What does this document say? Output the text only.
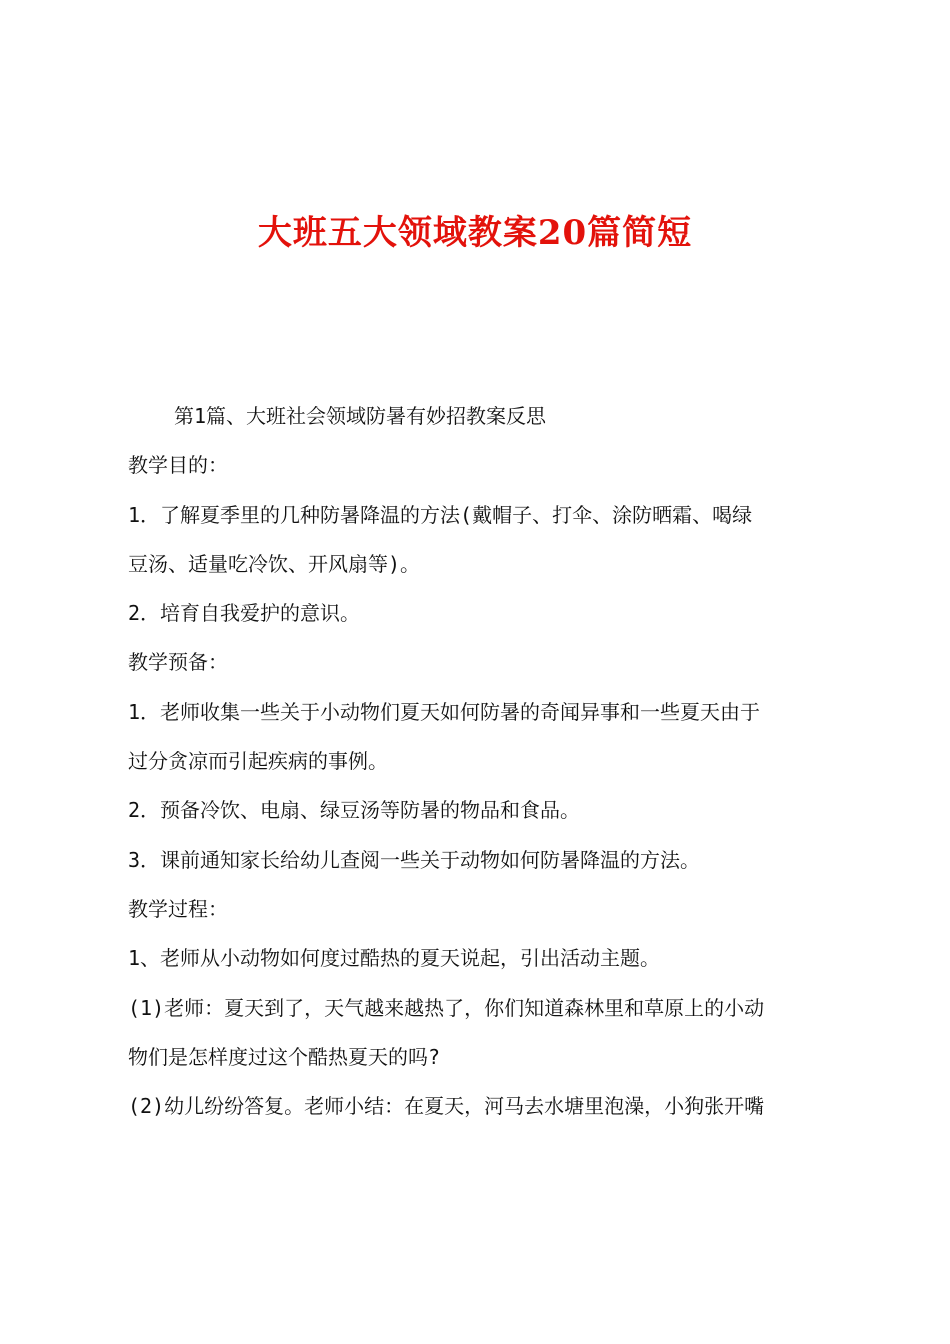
大班五大领域教案20篇简短
第1篇、大班社会领域防暑有妙招教案反思
教学目的：
1．了解夏季里的几种防暑降温的方法(戴帽子、打伞、涂防晒霜、喝绿
豆汤、适量吃冷饮、开风扇等)。
2．培育自我爱护的意识。
教学预备：
1．老师收集一些关于小动物们夏天如何防暑的奇闻异事和一些夏天由于
过分贪凉而引起疾病的事例。
2．预备冷饮、电扇、绿豆汤等防暑的物品和食品。
3．课前通知家长给幼儿查阅一些关于动物如何防暑降温的方法。
教学过程：
1、老师从小动物如何度过酷热的夏天说起，引出活动主题。
(1)老师：夏天到了，天气越来越热了，你们知道森林里和草原上的小动
物们是怎样度过这个酷热夏天的吗?
(2)幼儿纷纷答复。老师小结：在夏天，河马去水塘里泡澡，小狗张开嘴
